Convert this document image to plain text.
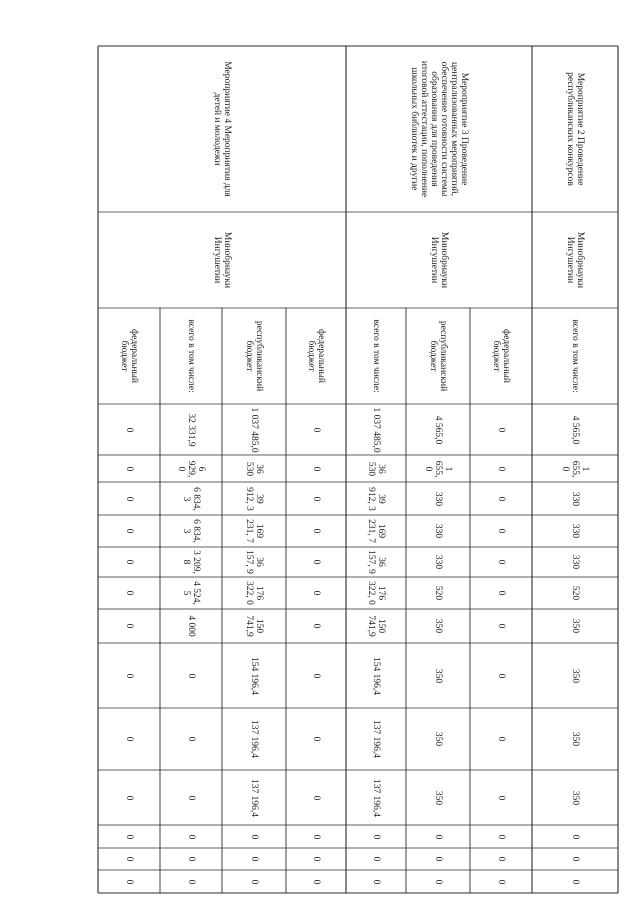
Мероприятие 2 Проведение республиканских конкурсов
Минобрнауки Ингушетии
всего в том числе:
4 565,0
1 655, 0
330
330
330
520
350
350
350
350
0
0
0
федеральный бюджет
0
0
0
0
0
0
0
0
0
0
0
0
0
республиканский бюджет
4 565,0
1 655, 0
330
330
330
520
350
350
350
350
0
0
0
Мероприятие 3 Проведение централизованных мероприятий, обеспечение готовности системы образования для проведения итоговой аттестации, пополнение школьных библиотек и другие
Минобрнауки Ингушетии
всего в том числе:
1 037 485,0
36 530
39 912, 3
169 231, 7
36 157, 9
176 322, 0
150 741,9
154 196,4
137 196,4
137 196,4
0
0
0
федеральный бюджет
0
0
0
0
0
0
0
0
0
0
0
0
0
республиканский бюджет
1 037 485,0
36 530
39 912, 3
169 231, 7
36 157, 9
176 322, 0
150 741,9
154 196,4
137 196,4
137 196,4
0
0
0
Мероприятие 4 Мероприятия для детей и молодежи
Минобрнауки Ингушетии
всего в том числе:
32 331,9
6 929, 0
6 834, 3
6 834, 3
3 209, 8
4 524, 5
4 000
0
0
0
0
0
0
федеральный бюджет
0
0
0
0
0
0
0
0
0
0
0
0
0
